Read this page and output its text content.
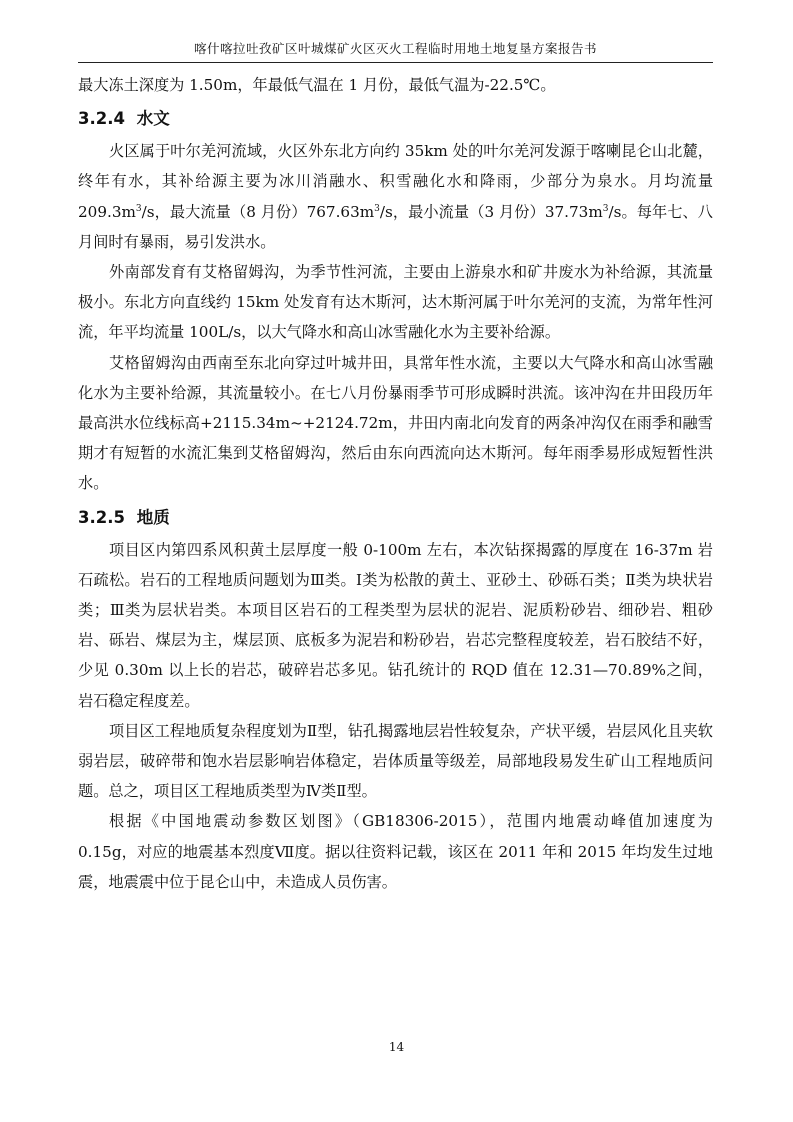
喀什喀拉吐孜矿区叶城煤矿火区灭火工程临时用地土地复垦方案报告书

最大冻土深度为 1.50m，年最低气温在 1 月份，最低气温为-22.5℃。

3.2.4 水文

火区属于叶尔羌河流域，火区外东北方向约 35km 处的叶尔羌河发源于喀喇昆仑山北麓，终年有水，其补给源主要为冰川消融水、积雪融化水和降雨，少部分为泉水。月均流量 $209.3m^3/s$，最大流量（8 月份）$767.63m^3/s$，最小流量（3 月份）$37.73m^3/s$。每年七、八月间时有暴雨，易引发洪水。

外南部发育有艾格留姆沟，为季节性河流，主要由上游泉水和矿井废水为补给源，其流量极小。东北方向直线约 15km 处发育有达木斯河，达木斯河属于叶尔羌河的支流，为常年性河流，年平均流量 100L/s，以大气降水和高山冰雪融化水为主要补给源。

艾格留姆沟由西南至东北向穿过叶城井田，具常年性水流，主要以大气降水和高山冰雪融化水为主要补给源，其流量较小。在七八月份暴雨季节可形成瞬时洪流。该冲沟在井田段历年最高洪水位线标高+2115.34m~+2124.72m，井田内南北向发育的两条冲沟仅在雨季和融雪期才有短暂的水流汇集到艾格留姆沟，然后由东向西流向达木斯河。每年雨季易形成短暂性洪水。

3.2.5 地质

项目区内第四系风积黄土层厚度一般 0-100m 左右，本次钻探揭露的厚度在 16-37m 岩石疏松。岩石的工程地质问题划为Ⅲ类。Ⅰ类为松散的黄土、亚砂土、砂砾石类；Ⅱ类为块状岩类；Ⅲ类为层状岩类。本项目区岩石的工程类型为层状的泥岩、泥质粉砂岩、细砂岩、粗砂岩、砾岩、煤层为主，煤层顶、底板多为泥岩和粉砂岩，岩芯完整程度较差，岩石胶结不好，少见 0.30m 以上长的岩芯，破碎岩芯多见。钻孔统计的 RQD 值在 12.31—70.89%之间，岩石稳定程度差。

项目区工程地质复杂程度划为Ⅱ型，钻孔揭露地层岩性较复杂，产状平缓，岩层风化且夹软弱岩层，破碎带和饱水岩层影响岩体稳定，岩体质量等级差，局部地段易发生矿山工程地质问题。总之，项目区工程地质类型为Ⅳ类Ⅱ型。

根据《中国地震动参数区划图》（GB18306-2015），范围内地震动峰值加速度为 0.15g，对应的地震基本烈度Ⅶ度。据以往资料记载，该区在 2011 年和 2015 年均发生过地震，地震震中位于昆仑山中，未造成人员伤害。

14
